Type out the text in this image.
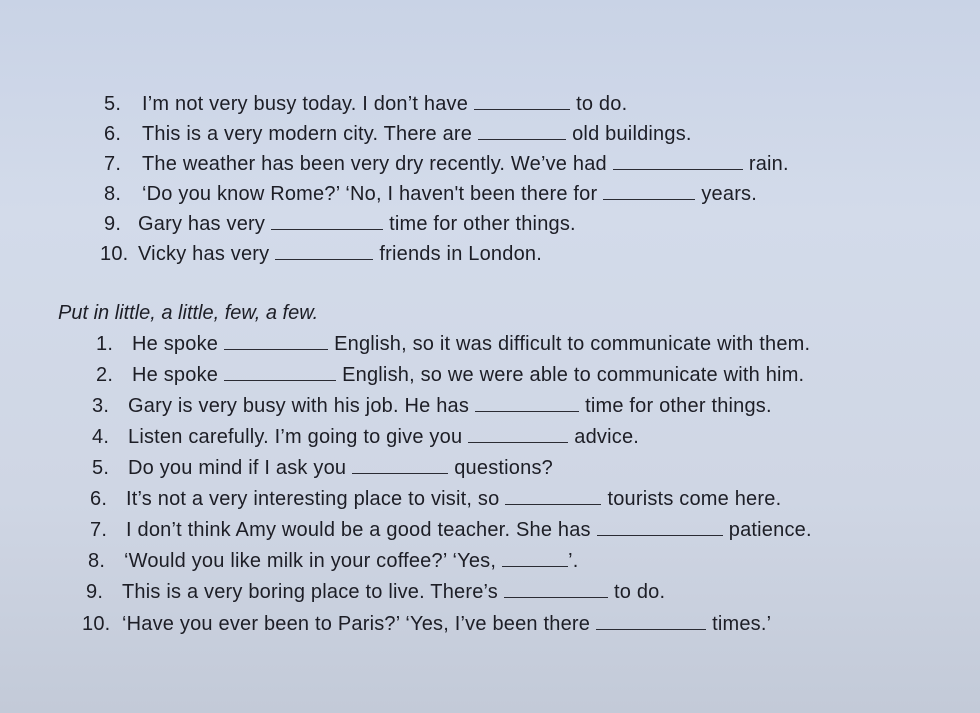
5. I’m not very busy today. I don’t have	to do.
6. This is a very modern city. There are	old buildings.
7. The weather has been very dry recently. We’ve had	rain.
8. ‘Do you know Rome?’ ‘No, I haven't been there for	years.
9. Gary has very	time for other things.
10. Vicky has very	friends in London.
Put in little, a little, few, a few.
1. He spoke	English, so it was difficult to communicate with them.
2. He spoke	English, so we were able to communicate with him.
3. Gary is very busy with his job. He has	time for other things.
4. Listen carefully. I’m going to give you	advice.
5. Do you mind if I ask you	questions?
6. It’s not a very interesting place to visit, so	tourists come here.
7. I don’t think Amy would be a good teacher. She has	patience.
8. ‘Would you like milk in your coffee?’ ‘Yes,	’.
9. This is a very boring place to live. There’s	to do.
10. ‘Have you ever been to Paris?’ ‘Yes, I’ve been there	times.’
